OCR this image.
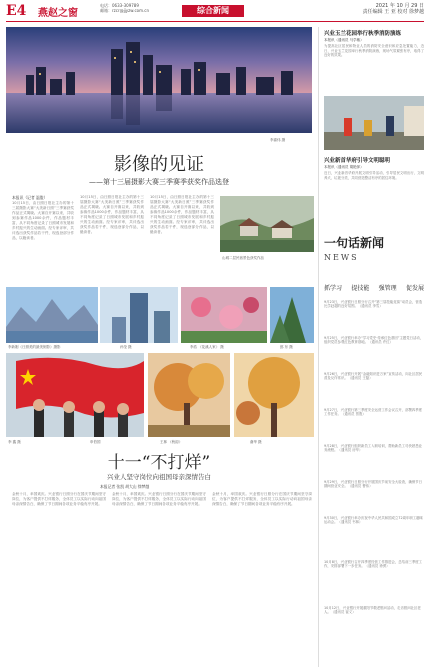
E4 燕赵之窗
电话：0633-309789
邮箱：rzcr@jjyzw.com.cn	综合新闻	2021 年 10 月 29 日
责任编辑 王 亚 校对 徐梦越
李嘉伟 摄
影像的见证
——第十三届摄影大赛三季赛季获奖作品选登
本报讯（记者 温俊）
10月15日，由日照日报社主办的第十三届摄影大赛“大美新日照”三季赛获奖作品正式揭晓。大赛自开赛以来，共收到参赛作品1000余件，作品题材丰富，从不同角度记录了日照城市发展和乡村振兴的生动画面。经专家评审，共评选出获奖作品若干件，现选登部分作品，以飨读者。
10月15日，由日照日报社主办的第十三届摄影大赛“大美新日照”三季赛获奖作品正式揭晓。大赛自开赛以来，共收到参赛作品1000余件，作品题材丰富，从不同角度记录了日照城市发展和乡村振兴的生动画面。经专家评审，共评选出获奖作品若干件，现选登部分作品，以飨读者。
10月15日，由日照日报社主办的第十三届摄影大赛“大美新日照”三季赛获奖作品正式揭晓。大赛自开赛以来，共收到参赛作品1000余件，作品题材丰富，从不同角度记录了日照城市发展和乡村振兴的生动画面。经专家评审，共评选出获奖作品若干件，现选登部分作品，以飨读者。
山城二层民宿景色获奖作品
李新刚《日照美的最美倒影》摄影	孙莹 摄	李浩 《花溪人家》 摄	郎 东 摄
李 鑫 摄	申伯国	王林 《秋韵》	谢华 摄
十一“不打烊”
兴业人坚守岗位向祖国母亲深情告白
本报记者 张凯 胡大山 徐梦越
金秋十月，举国欢庆。兴业银行日照分行在国庆节期间坚守岗位，为客户提供不打烊服务，全体员工以实际行动向祖国母亲深情告白，确保了节日期间各项业务平稳有序开展。
金秋十月，举国欢庆。兴业银行日照分行在国庆节期间坚守岗位，为客户提供不打烊服务，全体员工以实际行动向祖国母亲深情告白，确保了节日期间各项业务平稳有序开展。
金秋十月，举国欢庆。兴业银行日照分行在国庆节期间坚守岗位，为客户提供不打烊服务，全体员工以实际行动向祖国母亲深情告白，确保了节日期间各项业务平稳有序开展。
兴业玉兰花园举行秋季消防演练
本报讯（通讯员 马学敏）
为提高社区居民和物业人员的消防安全意识和应急处置能力，近日，兴业玉兰花园举行秋季消防演练，现场气氛紧张有序，取得了良好的效果。
兴业新首华府引导文明聪明
本报讯（通讯员 胡艳萍）
近日，兴业新首华府开展文明引导活动，引导居民文明出行、文明养犬、垃圾分类，共同营造整洁有序的居住环境。
一句话新闻
NEWS
抓学习 提技能 强管理 促发展
9月23日，兴业银行日照分行召开“第三届技能竞赛”动员会，营造比学赶超的良好氛围。（通讯员 李雪）
9月25日，兴业银行举办“学习党史·传承红色基因”主题党日活动，组织党员参观红色教育基地。（通讯员 许红）
9月26日，兴业银行开展“金融知识进万家”宣传活动，向社区居民普及反诈常识。（通讯员 王磊）
9月27日，兴业银行第三季度安全运营工作会议召开，部署四季度工作任务。（通讯员 蔡胜）
9月28日，兴业银行组织新员工入职培训，帮助新员工尽快熟悉业务流程。（通讯员 房华）
9月29日，兴业银行日照分行开展国庆节前安全大检查，确保节日期间营业安全。（通讯员 曹伟）
9月30日，兴业银行举办庆祝中华人民共和国成立72周年职工趣味运动会。（通讯员 韦林）
10月8日，兴业银行召开四季度经营工作推进会，总结前三季度工作，安排部署下一步任务。（通讯员 徐勇）
10月12日，兴业银行开展重阳节敬老慰问活动，走访慰问社区老人。（通讯员 崔义）
